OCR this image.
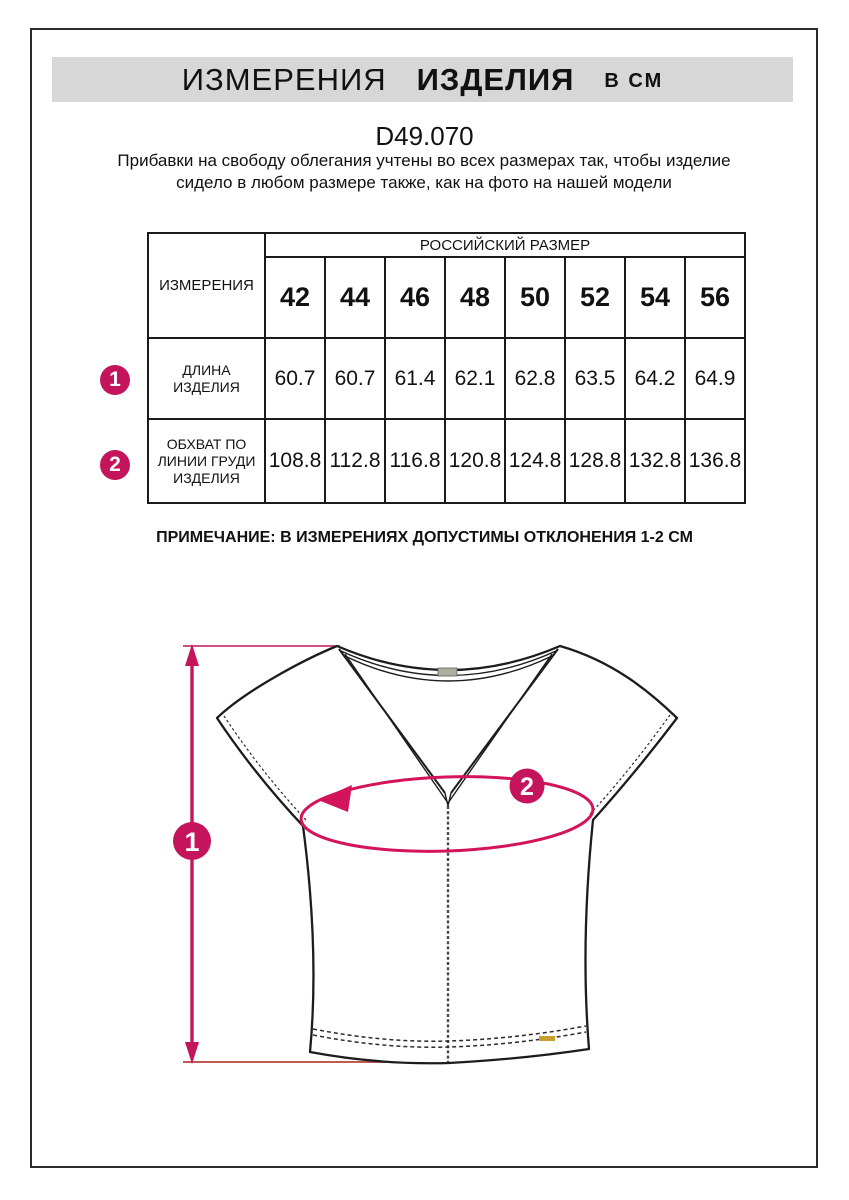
ИЗМЕРЕНИЯ ИЗДЕЛИЯ В СМ
D49.070
Прибавки на свободу облегания учтены во всех размерах так, чтобы изделие сидело в любом размере также, как на фото на нашей модели
ИЗМЕРЕНИЯ	РОССИЙСКИЙ РАЗМЕР							
	42	44	46	48	50	52	54	56
ДЛИНА ИЗДЕЛИЯ	60.7	60.7	61.4	62.1	62.8	63.5	64.2	64.9
ОБХВАТ ПО ЛИНИИ ГРУДИ ИЗДЕЛИЯ	108.8	112.8	116.8	120.8	124.8	128.8	132.8	136.8
1
2
ПРИМЕЧАНИЕ: В ИЗМЕРЕНИЯХ ДОПУСТИМЫ ОТКЛОНЕНИЯ 1-2 СМ
2
1
